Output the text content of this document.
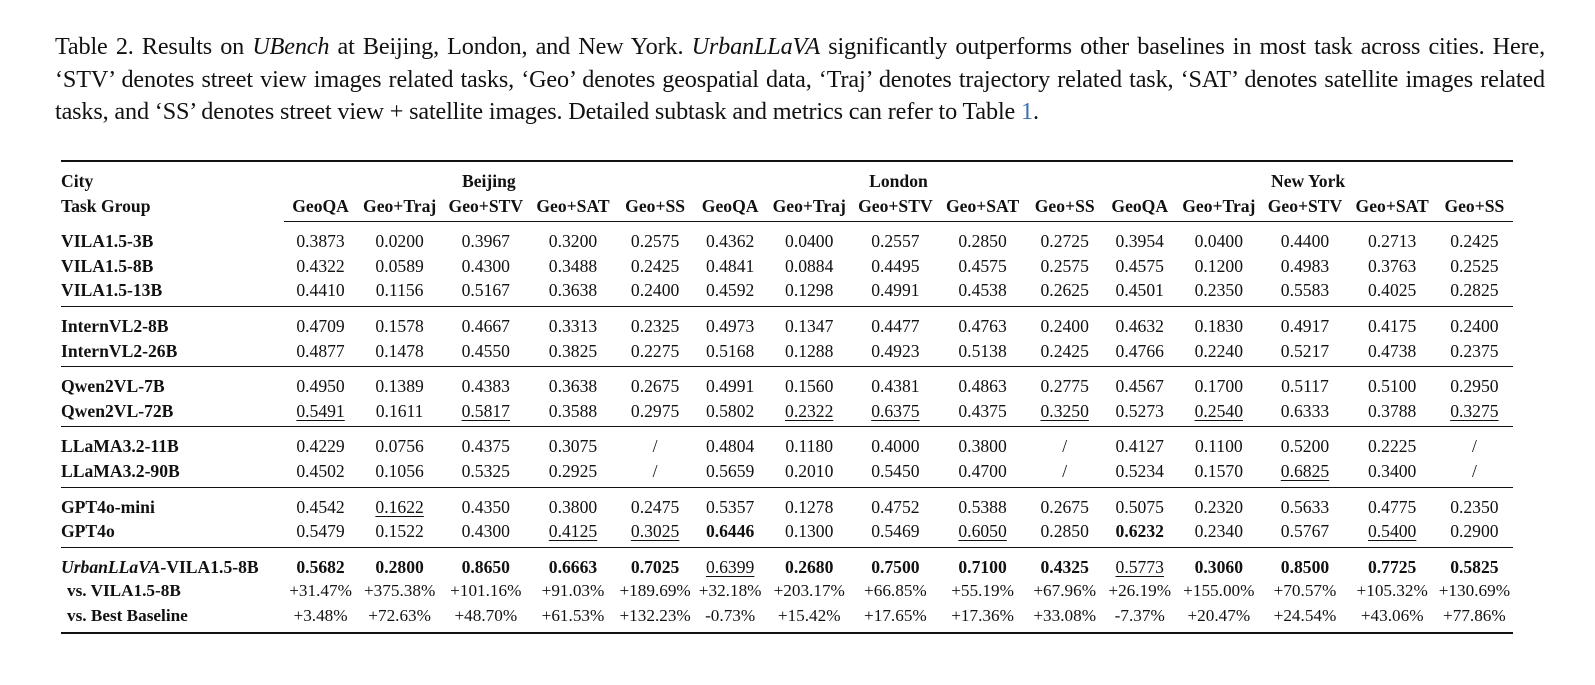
Table 2. Results on UBench at Beijing, London, and New York. UrbanLLaVA significantly outperforms other baselines in most task across cities. Here, ‘STV’ denotes street view images related tasks, ‘Geo’ denotes geospatial data, ‘Traj’ denotes trajectory related task, ‘SAT’ denotes satellite images related tasks, and ‘SS’ denotes street view + satellite images. Detailed subtask and metrics can refer to Table 1.
City	Beijing					London					New York				
Task Group	GeoQA	Geo+Traj	Geo+STV	Geo+SAT	Geo+SS	GeoQA	Geo+Traj	Geo+STV	Geo+SAT	Geo+SS	GeoQA	Geo+Traj	Geo+STV	Geo+SAT	Geo+SS
VILA1.5-3B	0.3873	0.0200	0.3967	0.3200	0.2575	0.4362	0.0400	0.2557	0.2850	0.2725	0.3954	0.0400	0.4400	0.2713	0.2425
VILA1.5-8B	0.4322	0.0589	0.4300	0.3488	0.2425	0.4841	0.0884	0.4495	0.4575	0.2575	0.4575	0.1200	0.4983	0.3763	0.2525
VILA1.5-13B	0.4410	0.1156	0.5167	0.3638	0.2400	0.4592	0.1298	0.4991	0.4538	0.2625	0.4501	0.2350	0.5583	0.4025	0.2825
InternVL2-8B	0.4709	0.1578	0.4667	0.3313	0.2325	0.4973	0.1347	0.4477	0.4763	0.2400	0.4632	0.1830	0.4917	0.4175	0.2400
InternVL2-26B	0.4877	0.1478	0.4550	0.3825	0.2275	0.5168	0.1288	0.4923	0.5138	0.2425	0.4766	0.2240	0.5217	0.4738	0.2375
Qwen2VL-7B	0.4950	0.1389	0.4383	0.3638	0.2675	0.4991	0.1560	0.4381	0.4863	0.2775	0.4567	0.1700	0.5117	0.5100	0.2950
Qwen2VL-72B	0.5491	0.1611	0.5817	0.3588	0.2975	0.5802	0.2322	0.6375	0.4375	0.3250	0.5273	0.2540	0.6333	0.3788	0.3275
LLaMA3.2-11B	0.4229	0.0756	0.4375	0.3075	/	0.4804	0.1180	0.4000	0.3800	/	0.4127	0.1100	0.5200	0.2225	/
LLaMA3.2-90B	0.4502	0.1056	0.5325	0.2925	/	0.5659	0.2010	0.5450	0.4700	/	0.5234	0.1570	0.6825	0.3400	/
GPT4o-mini	0.4542	0.1622	0.4350	0.3800	0.2475	0.5357	0.1278	0.4752	0.5388	0.2675	0.5075	0.2320	0.5633	0.4775	0.2350
GPT4o	0.5479	0.1522	0.4300	0.4125	0.3025	0.6446	0.1300	0.5469	0.6050	0.2850	0.6232	0.2340	0.5767	0.5400	0.2900
UrbanLLaVA-VILA1.5-8B	0.5682	0.2800	0.8650	0.6663	0.7025	0.6399	0.2680	0.7500	0.7100	0.4325	0.5773	0.3060	0.8500	0.7725	0.5825
vs. VILA1.5-8B	+31.47%	+375.38%	+101.16%	+91.03%	+189.69%	+32.18%	+203.17%	+66.85%	+55.19%	+67.96%	+26.19%	+155.00%	+70.57%	+105.32%	+130.69%
vs. Best Baseline	+3.48%	+72.63%	+48.70%	+61.53%	+132.23%	-0.73%	+15.42%	+17.65%	+17.36%	+33.08%	-7.37%	+20.47%	+24.54%	+43.06%	+77.86%
